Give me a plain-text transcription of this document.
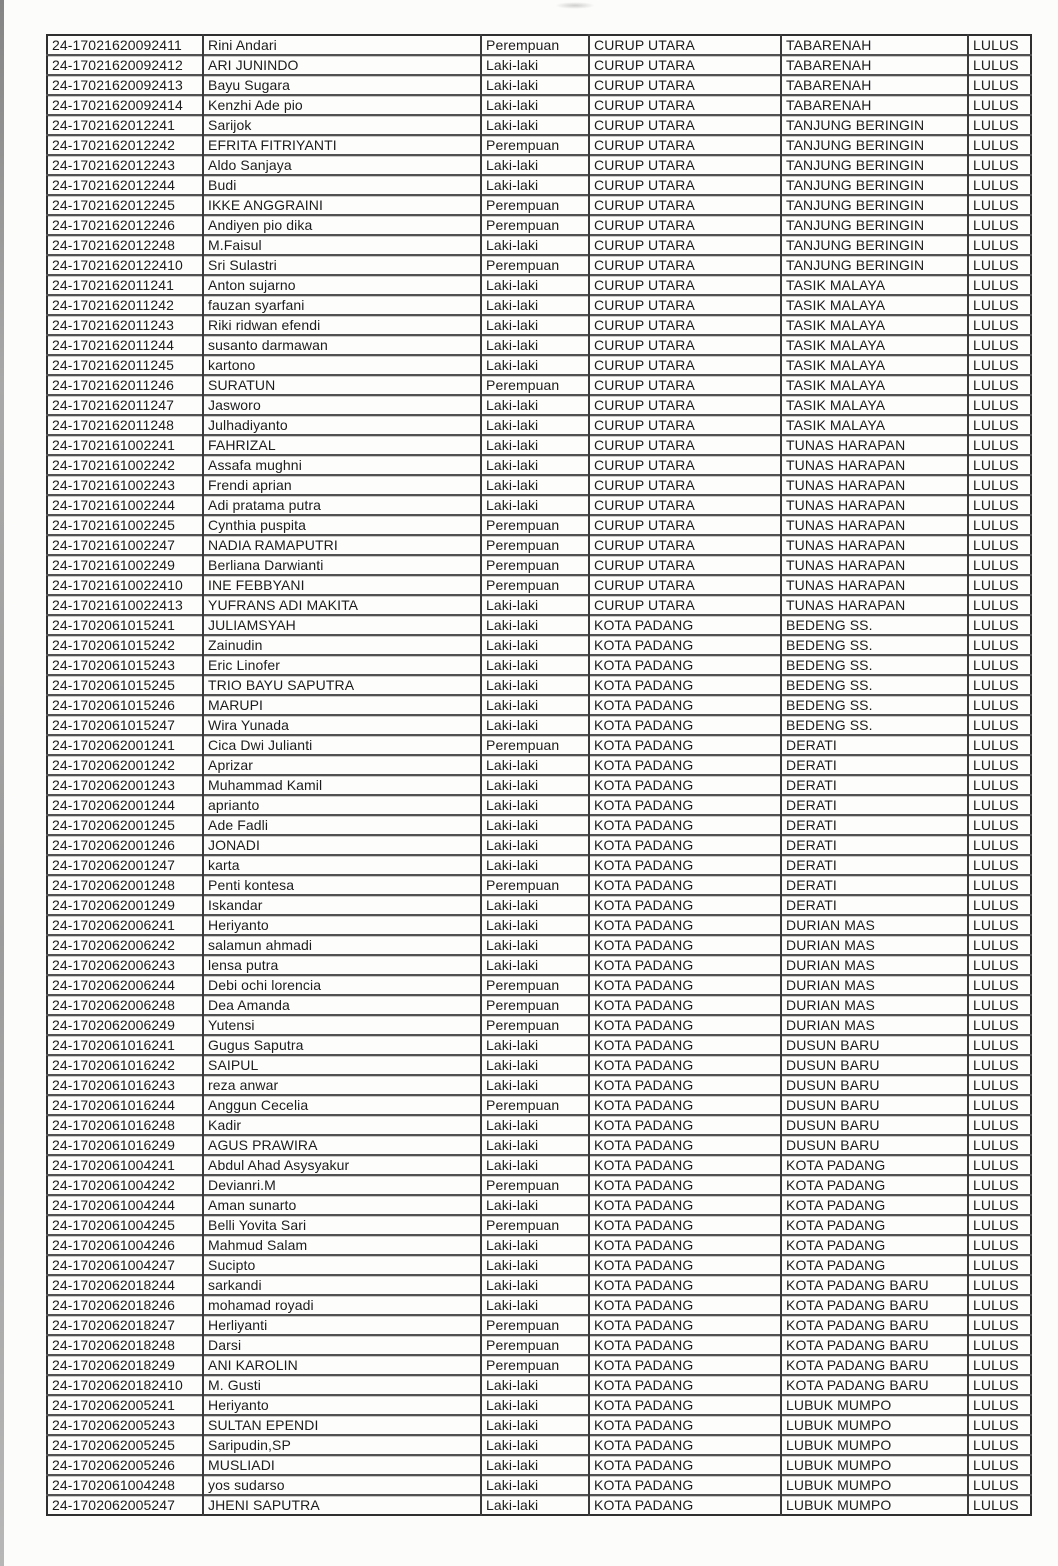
24-17021620092411	Rini Andari	Perempuan	CURUP UTARA	TABARENAH	LULUS
24-17021620092412	ARI JUNINDO	Laki-laki	CURUP UTARA	TABARENAH	LULUS
24-17021620092413	Bayu Sugara	Laki-laki	CURUP UTARA	TABARENAH	LULUS
24-17021620092414	Kenzhi Ade pio	Laki-laki	CURUP UTARA	TABARENAH	LULUS
24-1702162012241	Sarijok	Laki-laki	CURUP UTARA	TANJUNG BERINGIN	LULUS
24-1702162012242	EFRITA FITRIYANTI	Perempuan	CURUP UTARA	TANJUNG BERINGIN	LULUS
24-1702162012243	Aldo Sanjaya	Laki-laki	CURUP UTARA	TANJUNG BERINGIN	LULUS
24-1702162012244	Budi	Laki-laki	CURUP UTARA	TANJUNG BERINGIN	LULUS
24-1702162012245	IKKE ANGGRAINI	Perempuan	CURUP UTARA	TANJUNG BERINGIN	LULUS
24-1702162012246	Andiyen pio dika	Perempuan	CURUP UTARA	TANJUNG BERINGIN	LULUS
24-1702162012248	M.Faisul	Laki-laki	CURUP UTARA	TANJUNG BERINGIN	LULUS
24-17021620122410	Sri Sulastri	Perempuan	CURUP UTARA	TANJUNG BERINGIN	LULUS
24-1702162011241	Anton sujarno	Laki-laki	CURUP UTARA	TASIK MALAYA	LULUS
24-1702162011242	fauzan syarfani	Laki-laki	CURUP UTARA	TASIK MALAYA	LULUS
24-1702162011243	Riki ridwan efendi	Laki-laki	CURUP UTARA	TASIK MALAYA	LULUS
24-1702162011244	susanto darmawan	Laki-laki	CURUP UTARA	TASIK MALAYA	LULUS
24-1702162011245	kartono	Laki-laki	CURUP UTARA	TASIK MALAYA	LULUS
24-1702162011246	SURATUN	Perempuan	CURUP UTARA	TASIK MALAYA	LULUS
24-1702162011247	Jasworo	Laki-laki	CURUP UTARA	TASIK MALAYA	LULUS
24-1702162011248	Julhadiyanto	Laki-laki	CURUP UTARA	TASIK MALAYA	LULUS
24-1702161002241	FAHRIZAL	Laki-laki	CURUP UTARA	TUNAS HARAPAN	LULUS
24-1702161002242	Assafa mughni	Laki-laki	CURUP UTARA	TUNAS HARAPAN	LULUS
24-1702161002243	Frendi aprian	Laki-laki	CURUP UTARA	TUNAS HARAPAN	LULUS
24-1702161002244	Adi pratama putra	Laki-laki	CURUP UTARA	TUNAS HARAPAN	LULUS
24-1702161002245	Cynthia puspita	Perempuan	CURUP UTARA	TUNAS HARAPAN	LULUS
24-1702161002247	NADIA RAMAPUTRI	Perempuan	CURUP UTARA	TUNAS HARAPAN	LULUS
24-1702161002249	Berliana Darwianti	Perempuan	CURUP UTARA	TUNAS HARAPAN	LULUS
24-17021610022410	INE FEBBYANI	Perempuan	CURUP UTARA	TUNAS HARAPAN	LULUS
24-17021610022413	YUFRANS ADI MAKITA	Laki-laki	CURUP UTARA	TUNAS HARAPAN	LULUS
24-1702061015241	JULIAMSYAH	Laki-laki	KOTA PADANG	BEDENG SS.	LULUS
24-1702061015242	Zainudin	Laki-laki	KOTA PADANG	BEDENG SS.	LULUS
24-1702061015243	Eric Linofer	Laki-laki	KOTA PADANG	BEDENG SS.	LULUS
24-1702061015245	TRIO BAYU SAPUTRA	Laki-laki	KOTA PADANG	BEDENG SS.	LULUS
24-1702061015246	MARUPI	Laki-laki	KOTA PADANG	BEDENG SS.	LULUS
24-1702061015247	Wira Yunada	Laki-laki	KOTA PADANG	BEDENG SS.	LULUS
24-1702062001241	Cica Dwi Julianti	Perempuan	KOTA PADANG	DERATI	LULUS
24-1702062001242	Aprizar	Laki-laki	KOTA PADANG	DERATI	LULUS
24-1702062001243	Muhammad Kamil	Laki-laki	KOTA PADANG	DERATI	LULUS
24-1702062001244	aprianto	Laki-laki	KOTA PADANG	DERATI	LULUS
24-1702062001245	Ade Fadli	Laki-laki	KOTA PADANG	DERATI	LULUS
24-1702062001246	JONADI	Laki-laki	KOTA PADANG	DERATI	LULUS
24-1702062001247	karta	Laki-laki	KOTA PADANG	DERATI	LULUS
24-1702062001248	Penti kontesa	Perempuan	KOTA PADANG	DERATI	LULUS
24-1702062001249	Iskandar	Laki-laki	KOTA PADANG	DERATI	LULUS
24-1702062006241	Heriyanto	Laki-laki	KOTA PADANG	DURIAN MAS	LULUS
24-1702062006242	salamun ahmadi	Laki-laki	KOTA PADANG	DURIAN MAS	LULUS
24-1702062006243	lensa putra	Laki-laki	KOTA PADANG	DURIAN MAS	LULUS
24-1702062006244	Debi ochi lorencia	Perempuan	KOTA PADANG	DURIAN MAS	LULUS
24-1702062006248	Dea Amanda	Perempuan	KOTA PADANG	DURIAN MAS	LULUS
24-1702062006249	Yutensi	Perempuan	KOTA PADANG	DURIAN MAS	LULUS
24-1702061016241	Gugus Saputra	Laki-laki	KOTA PADANG	DUSUN BARU	LULUS
24-1702061016242	SAIPUL	Laki-laki	KOTA PADANG	DUSUN BARU	LULUS
24-1702061016243	reza anwar	Laki-laki	KOTA PADANG	DUSUN BARU	LULUS
24-1702061016244	Anggun Cecelia	Perempuan	KOTA PADANG	DUSUN BARU	LULUS
24-1702061016248	Kadir	Laki-laki	KOTA PADANG	DUSUN BARU	LULUS
24-1702061016249	AGUS PRAWIRA	Laki-laki	KOTA PADANG	DUSUN BARU	LULUS
24-1702061004241	Abdul Ahad Asysyakur	Laki-laki	KOTA PADANG	KOTA PADANG	LULUS
24-1702061004242	Devianri.M	Perempuan	KOTA PADANG	KOTA PADANG	LULUS
24-1702061004244	Aman sunarto	Laki-laki	KOTA PADANG	KOTA PADANG	LULUS
24-1702061004245	Belli Yovita Sari	Perempuan	KOTA PADANG	KOTA PADANG	LULUS
24-1702061004246	Mahmud Salam	Laki-laki	KOTA PADANG	KOTA PADANG	LULUS
24-1702061004247	Sucipto	Laki-laki	KOTA PADANG	KOTA PADANG	LULUS
24-1702062018244	sarkandi	Laki-laki	KOTA PADANG	KOTA PADANG BARU	LULUS
24-1702062018246	mohamad royadi	Laki-laki	KOTA PADANG	KOTA PADANG BARU	LULUS
24-1702062018247	Herliyanti	Perempuan	KOTA PADANG	KOTA PADANG BARU	LULUS
24-1702062018248	Darsi	Perempuan	KOTA PADANG	KOTA PADANG BARU	LULUS
24-1702062018249	ANI KAROLIN	Perempuan	KOTA PADANG	KOTA PADANG BARU	LULUS
24-17020620182410	M. Gusti	Laki-laki	KOTA PADANG	KOTA PADANG BARU	LULUS
24-1702062005241	Heriyanto	Laki-laki	KOTA PADANG	LUBUK MUMPO	LULUS
24-1702062005243	SULTAN EPENDI	Laki-laki	KOTA PADANG	LUBUK MUMPO	LULUS
24-1702062005245	Saripudin,SP	Laki-laki	KOTA PADANG	LUBUK MUMPO	LULUS
24-1702062005246	MUSLIADI	Laki-laki	KOTA PADANG	LUBUK MUMPO	LULUS
24-1702061004248	yos sudarso	Laki-laki	KOTA PADANG	LUBUK MUMPO	LULUS
24-1702062005247	JHENI SAPUTRA	Laki-laki	KOTA PADANG	LUBUK MUMPO	LULUS
